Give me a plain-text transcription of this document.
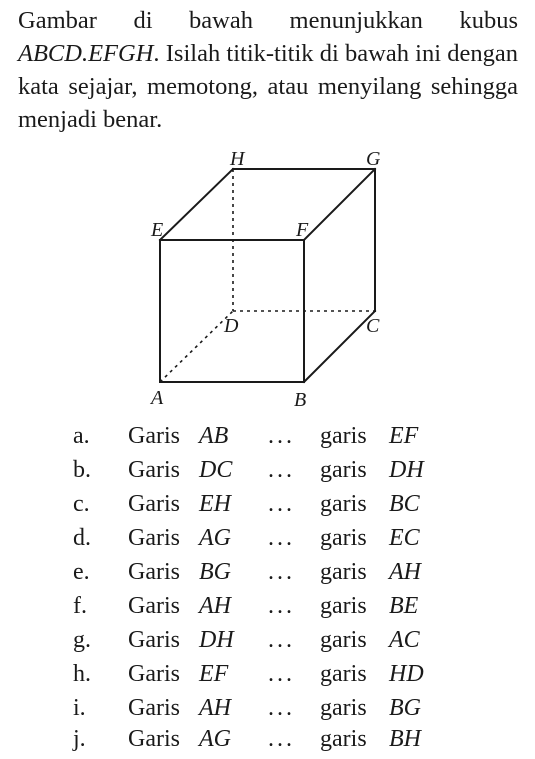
Gambar di bawah menunjukkan kubus ABCD.EFGH. Isilah titik-titik di bawah ini dengan kata sejajar, memotong, atau menyilang sehingga menjadi benar.
A	B
C
D
E	F
G
H
a. Garis AB ... garis EF
b. Garis DC ... garis DH
c. Garis EH ... garis BC
d. Garis AG ... garis EC
e. Garis BG ... garis AH
f. Garis AH ... garis BE
g. Garis DH ... garis AC
h. Garis EF ... garis HD
i. Garis AH ... garis BG
j. Garis AG ... garis BH
